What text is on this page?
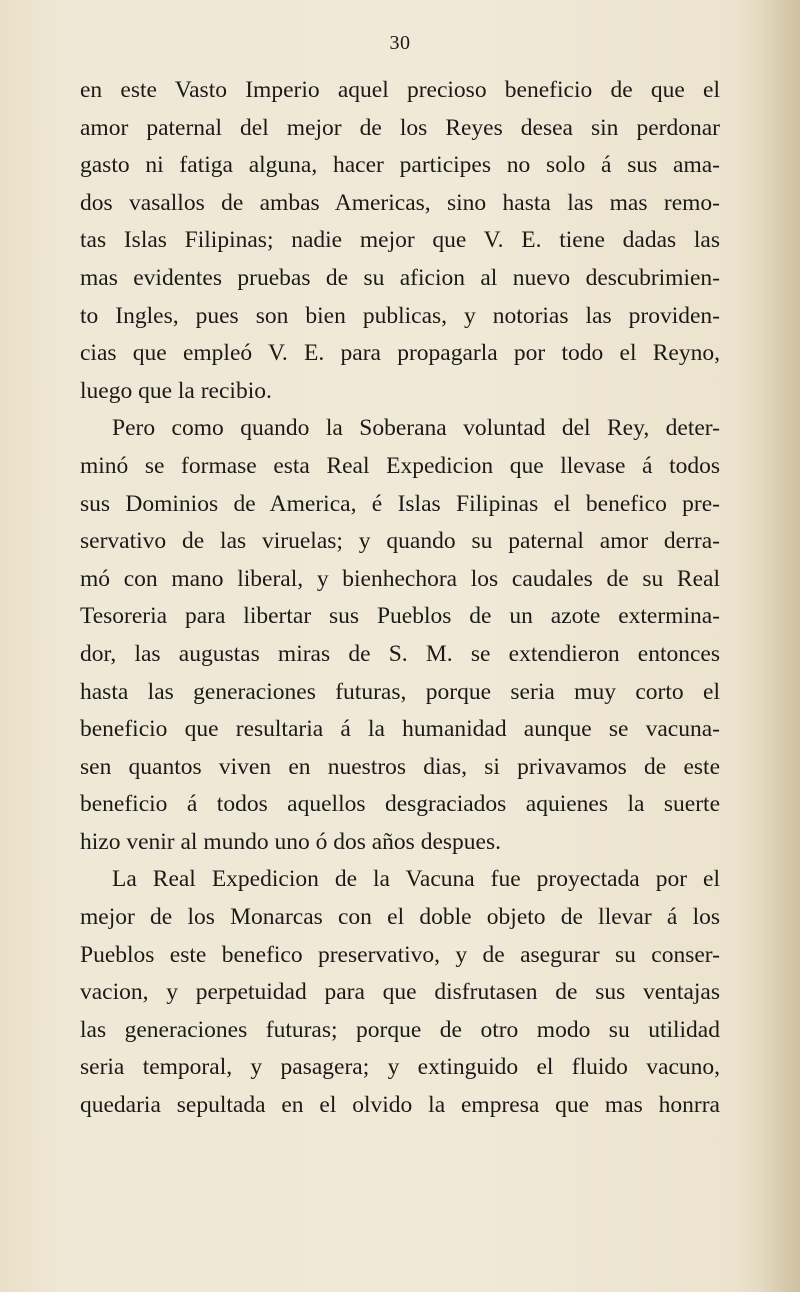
30

en este Vasto Imperio aquel precioso beneficio de que el
amor paternal del mejor de los Reyes desea sin perdonar
gasto ni fatiga alguna, hacer participes no solo á sus ama-
dos vasallos de ambas Americas, sino hasta las mas remo-
tas Islas Filipinas; nadie mejor que V. E. tiene dadas las
mas evidentes pruebas de su aficion al nuevo descubrimien-
to Ingles, pues son bien publicas, y notorias las providen-
cias que empleó V. E. para propagarla por todo el Reyno,
luego que la recibio.
Pero como quando la Soberana voluntad del Rey, deter-
minó se formase esta Real Expedicion que llevase á todos
sus Dominios de America, é Islas Filipinas el benefico pre-
servativo de las viruelas; y quando su paternal amor derra-
mó con mano liberal, y bienhechora los caudales de su Real
Tesoreria para libertar sus Pueblos de un azote extermina-
dor, las augustas miras de S. M. se extendieron entonces
hasta las generaciones futuras, porque seria muy corto el
beneficio que resultaria á la humanidad aunque se vacuna-
sen quantos viven en nuestros dias, si privavamos de este
beneficio á todos aquellos desgraciados aquienes la suerte
hizo venir al mundo uno ó dos años despues.
La Real Expedicion de la Vacuna fue proyectada por el
mejor de los Monarcas con el doble objeto de llevar á los
Pueblos este benefico preservativo, y de asegurar su conser-
vacion, y perpetuidad para que disfrutasen de sus ventajas
las generaciones futuras; porque de otro modo su utilidad
seria temporal, y pasagera; y extinguido el fluido vacuno,
quedaria sepultada en el olvido la empresa que mas honrra
